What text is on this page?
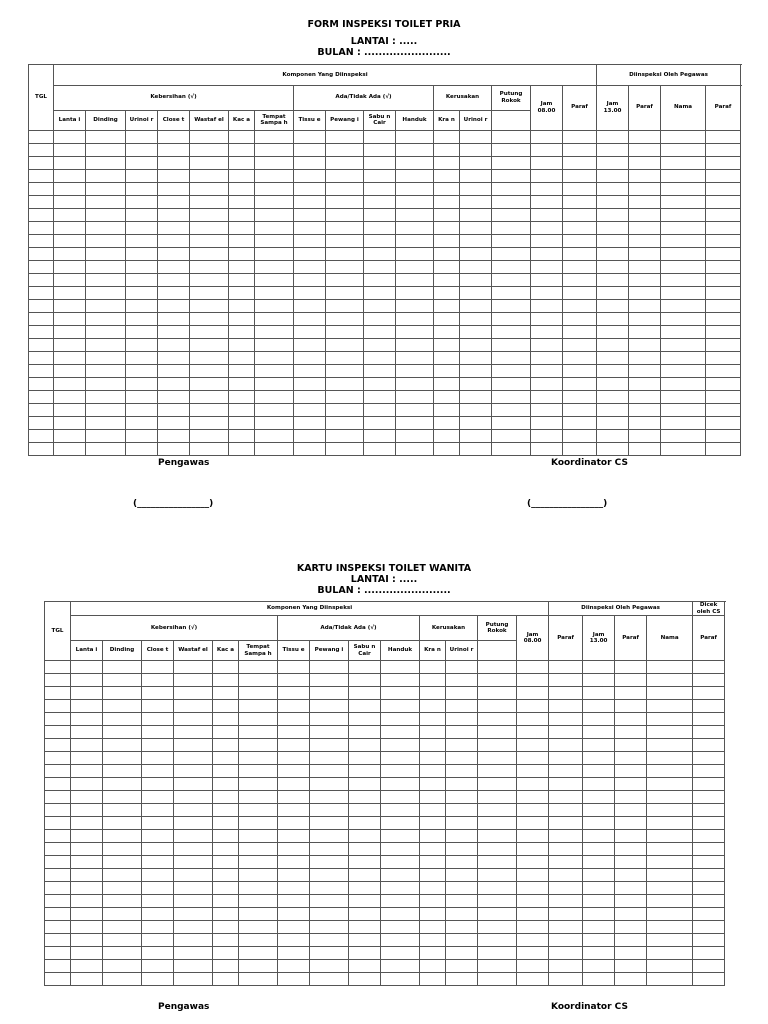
FORM INSPEKSI TOILET PRIA
LANTAI : .....
BULAN : ........................
TGL	Komponen Yang Diinspeksi																Diinspeksi Oleh Pegawas	
	Kebersihan (√)							Ada/Tidak Ada (√)				Kerusakan		Putung Rokok	Jam 08.00	Paraf	Jam 13.00	Paraf	Nama	Paraf	
	Lanta i	Dinding	Urinoi r	Close t	Wastaf el	Kac a	Tempat Sampa h	Tissu e	Pewang i	Sabu n Cair	Handuk	Kra n	Urinoi r								

Pengawas	Koordinator CS
(________________)	(________________)
KARTU INSPEKSI TOILET WANITA
LANTAI : .....
BULAN : ........................
TGL	Komponen Yang Diinspeksi														Diinspeksi Oleh Pegawas				Dicek oleh CS
	Kebersihan (√)						Ada/Tidak Ada (√)				Kerusakan		Putung Rokok	Jam 08.00	Paraf	Jam 13.00	Paraf	Nama	Paraf
	Lanta i	Dinding	Close t	Wastaf el	Kac a	Tempat Sampa h	Tissu e	Pewang i	Sabu n Cair	Handuk	Kra n	Urinoi r							

Pengawas	Koordinator CS
